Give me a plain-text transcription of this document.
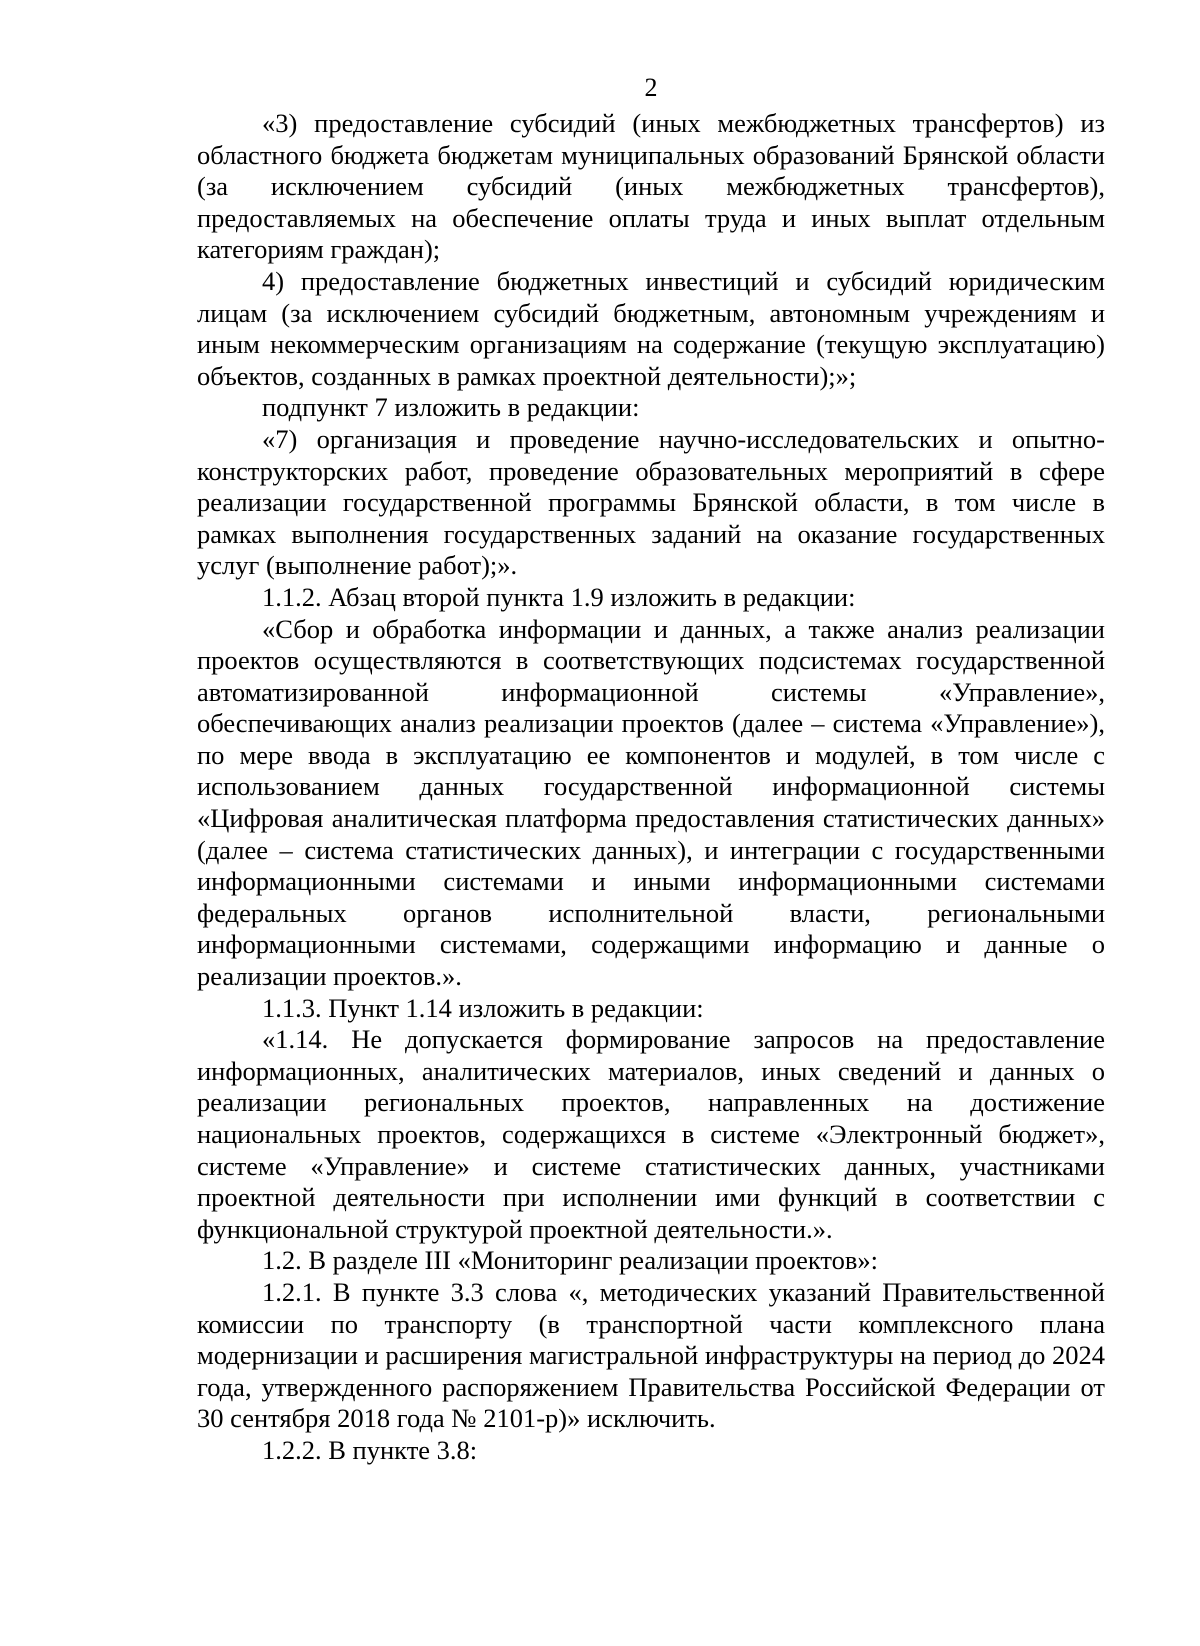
2

«3) предоставление субсидий (иных межбюджетных трансфертов) из областного бюджета бюджетам муниципальных образований Брянской области (за исключением субсидий (иных межбюджетных трансфертов), предоставляемых на обеспечение оплаты труда и иных выплат отдельным категориям граждан);

4) предоставление бюджетных инвестиций и субсидий юридическим лицам (за исключением субсидий бюджетным, автономным учреждениям и иным некоммерческим организациям на содержание (текущую эксплуатацию) объектов, созданных в рамках проектной деятельности);»;

подпункт 7 изложить в редакции:

«7) организация и проведение научно-исследовательских и опытно-конструкторских работ, проведение образовательных мероприятий в сфере реализации государственной программы Брянской области, в том числе в рамках выполнения государственных заданий на оказание государственных услуг (выполнение работ);».

1.1.2. Абзац второй пункта 1.9 изложить в редакции:

«Сбор и обработка информации и данных, а также анализ реализации проектов осуществляются в соответствующих подсистемах государственной автоматизированной информационной системы «Управление», обеспечивающих анализ реализации проектов (далее – система «Управление»), по мере ввода в эксплуатацию ее компонентов и модулей, в том числе с использованием данных государственной информационной системы «Цифровая аналитическая платформа предоставления статистических данных» (далее – система статистических данных), и интеграции с государственными информационными системами и иными информационными системами федеральных органов исполнительной власти, региональными информационными системами, содержащими информацию и данные о реализации проектов.».

1.1.3. Пункт 1.14 изложить в редакции:

«1.14. Не допускается формирование запросов на предоставление информационных, аналитических материалов, иных сведений и данных о реализации региональных проектов, направленных на достижение национальных проектов, содержащихся в системе «Электронный бюджет», системе «Управление» и системе статистических данных, участниками проектной деятельности при исполнении ими функций в соответствии с функциональной структурой проектной деятельности.».

1.2. В разделе III «Мониторинг реализации проектов»:

1.2.1. В пункте 3.3 слова «, методических указаний Правительственной комиссии по транспорту (в транспортной части комплексного плана модернизации и расширения магистральной инфраструктуры на период до 2024 года, утвержденного распоряжением Правительства Российской Федерации от 30 сентября 2018 года № 2101-р)» исключить.

1.2.2. В пункте 3.8:
